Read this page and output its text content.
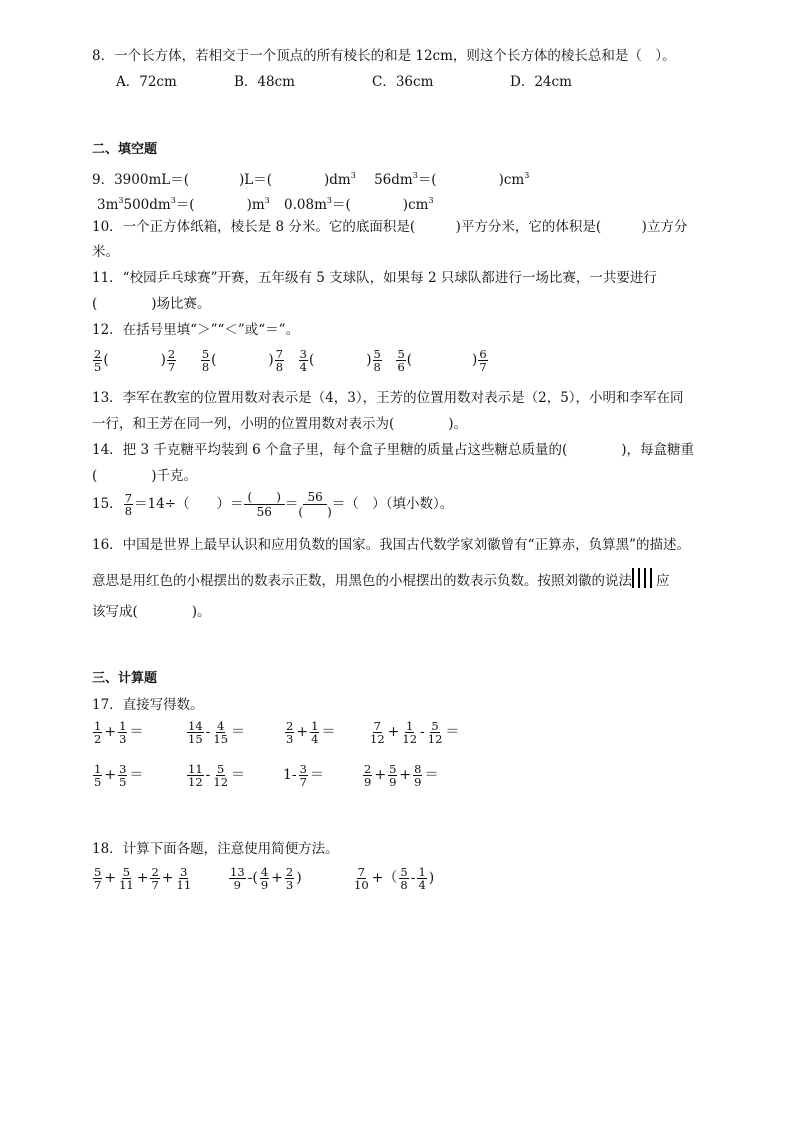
8．一个长方体，若相交于一个顶点的所有棱长的和是 12cm，则这个长方体的棱长总和是（　）。
A．72cm	B．48cm	C．36cm	D．24cm
二、填空题
9．3900mL＝(	)L＝(	)$dm^3$ $56dm^3=$(	)$cm^3$
$3m^3500dm^3=$(	)$m^3$ $0.08m^3=$(	)$cm^3$
10．一个正方体纸箱，棱长是 8 分米。它的底面积是(　　　)平方分米，它的体积是(　　　)立方分
米。
11．“校园乒乓球赛”开赛，五年级有 5 支球队，如果每 2 只球队都进行一场比赛，一共要进行
(　　　　)场比赛。
12．在括号里填“＞”“＜”或“＝”。
$\frac{2}{5}$ (	) $\frac{2}{7}$
$\frac{5}{8}$ (	) $\frac{7}{8}$
$\frac{3}{4}$ (	) $\frac{5}{8}$
$\frac{5}{6}$ (	) $\frac{6}{7}$
13．李军在教室的位置用数对表示是（4，3），王芳的位置用数对表示是（2，5），小明和李军在同
一行，和王芳在同一列，小明的位置用数对表示为(　　　　)。
14．把 3 千克糖平均装到 6 个盒子里，每个盒子里糖的质量占这些糖总质量的(　　　　)，每盒糖重
(　　　　)千克。
15． $\frac{7}{8} =14\div$（　　）＝ (　　)
56 ＝ 56
(　　) ＝（　）（填小数）。
16．中国是世界上最早认识和应用负数的国家。我国古代数学家刘徽曾有“正算赤，负算黑”的描述。
意思是用红色的小棍摆出的数表示正数，用黑色的小棍摆出的数表示负数。按照刘徽的说法 应
该写成(　　　　)。
三、计算题
17．直接写得数。
$\frac{1}{2} + \frac{1}{3}$ ＝	$\frac{14}{15} - \frac{4}{15}$ ＝	$\frac{2}{3} + \frac{1}{4}$ ＝	$\frac{7}{12} + \frac{1}{12} - \frac{5}{12}$ ＝
$\frac{1}{5} + \frac{3}{5}$ ＝	$\frac{11}{12} - \frac{5}{12}$ ＝	$1- \frac{3}{7}$ ＝	$\frac{2}{9} + \frac{5}{9} + \frac{8}{9}$ ＝
18．计算下面各题，注意使用简便方法。
$\frac{5}{7} + \frac{5}{11} + \frac{2}{7} + \frac{3}{11}$	$\frac{13}{9}$ -( $\frac{4}{9} + \frac{2}{3}$ )	$\frac{7}{10}$ +（ $\frac{5}{8} - \frac{1}{4}$ )
